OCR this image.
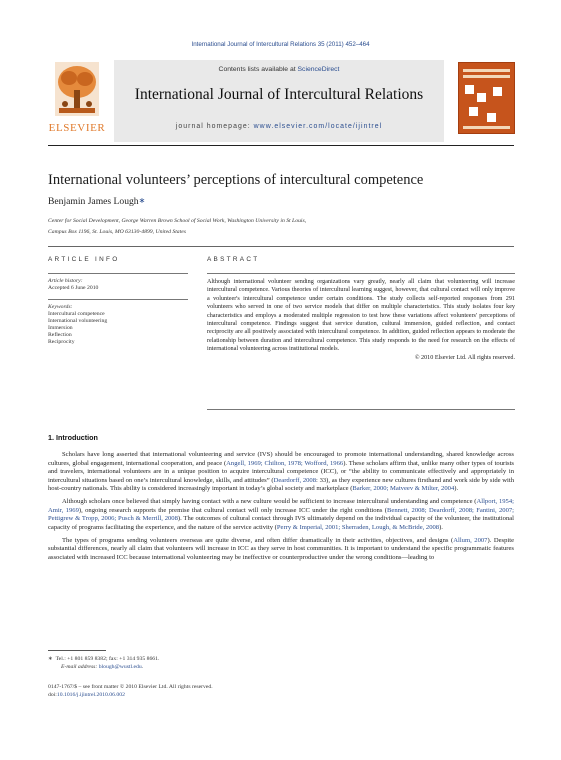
International Journal of Intercultural Relations 35 (2011) 452–464
ELSEVIER
Contents lists available at ScienceDirect
International Journal of Intercultural Relations
journal homepage: www.elsevier.com/locate/ijintrel
International volunteers’ perceptions of intercultural competence
Benjamin James Lough∗
Center for Social Development, George Warren Brown School of Social Work, Washington University in St Louis,
Campus Box 1196, St. Louis, MO 63130-4899, United States
ARTICLE INFO
Article history:
Accepted 6 June 2010
Keywords:
Intercultural competence
International volunteering
Immersion
Reflection
Reciprocity
ABSTRACT
Although international volunteer sending organizations vary greatly, nearly all claim that volunteering will increase intercultural competence. Various theories of intercultural learning suggest, however, that cultural contact will only improve a volunteer's intercultural competence under certain conditions. The study collects self-reported responses from 291 volunteers who served in one of two service models that differ on multiple characteristics. This study isolates four key characteristics and employs a moderated multiple regression to test how these variations affect volunteers' perceptions of intercultural competence. Findings suggest that service duration, cultural immersion, guided reflection, and contact reciprocity are all positively associated with intercultural competence. In addition, guided reflection appears to moderate the relationship between duration and intercultural competence. This study responds to the need for research on the effects of international volunteering across institutional models.
© 2010 Elsevier Ltd. All rights reserved.
1. Introduction

Scholars have long asserted that international volunteering and service (IVS) should be encouraged to promote international understanding, shared knowledge across cultures, global engagement, international cooperation, and peace (Angell, 1969; Chilton, 1978; Wofford, 1966). These scholars affirm that, unlike many other types of tourists and travelers, international volunteers are in a unique position to acquire intercultural competence (ICC), or “the ability to communicate effectively and appropriately in intercultural situations based on one’s intercultural knowledge, skills, and attitudes” (Deardorff, 2008: 33), as they experience new cultures firsthand and work side by side with host-country nationals. This ability is considered increasingly important in today’s global society and marketplace (Barker, 2000; Matveev & Milter, 2004).

Although scholars once believed that simply having contact with a new culture would be sufficient to increase intercultural understanding and competence (Allport, 1954; Amir, 1969), ongoing research supports the premise that cultural contact will only increase ICC under the right conditions (Bennett, 2008; Deardorff, 2008; Fantini, 2007; Pettigrew & Tropp, 2006; Pusch & Merrill, 2008). The outcomes of cultural contact through IVS ultimately depend on the individual capacity of the volunteer, the institutional capacity of programs facilitating the experience, and the nature of the service activity (Perry & Imperial, 2001; Sherraden, Lough, & McBride, 2008).

The types of programs sending volunteers overseas are quite diverse, and often differ dramatically in their activities, objectives, and designs (Allum, 2007). Despite substantial differences, nearly all claim that volunteers will increase in ICC as they serve in host communities. It is important to understand the specific programmatic features associated with increased ICC because international volunteering may be ineffective or counterproductive under the wrong conditions—leading to

∗ Tel.: +1 801 859 8382; fax: +1 314 935 8661.
E-mail address: blough@wustl.edu.
0147-1767/$ – see front matter © 2010 Elsevier Ltd. All rights reserved.
doi:10.1016/j.ijintrel.2010.06.002
